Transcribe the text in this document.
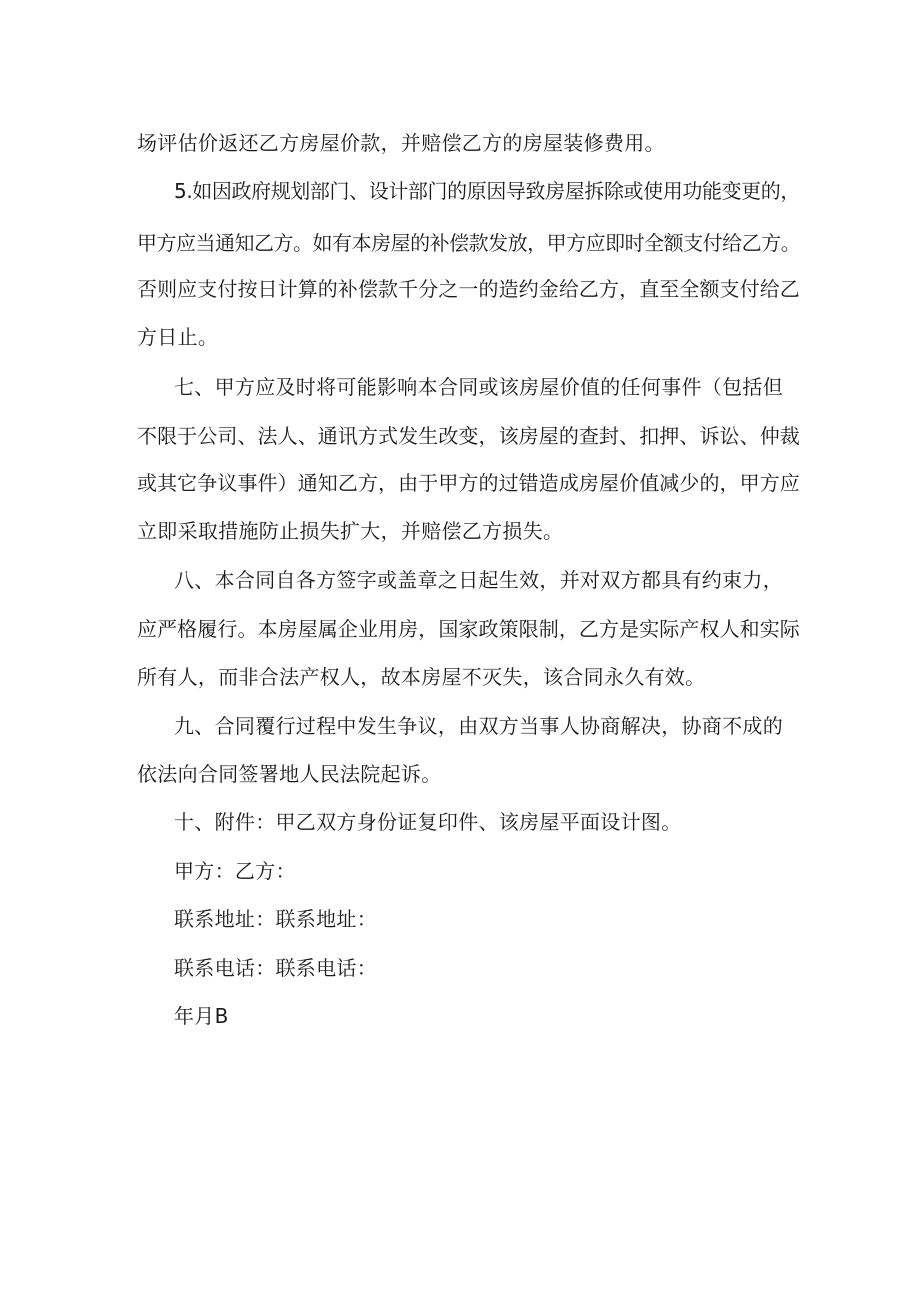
场评估价返还乙方房屋价款，并赔偿乙方的房屋装修费用。
5.如因政府规划部门、设计部门的原因导致房屋拆除或使用功能变更的，
甲方应当通知乙方。如有本房屋的补偿款发放，甲方应即时全额支付给乙方。
否则应支付按日计算的补偿款千分之一的造约金给乙方，直至全额支付给乙
方日止。
七、甲方应及时将可能影响本合同或该房屋价值的任何事件（包括但
不限于公司、法人、通讯方式发生改变，该房屋的查封、扣押、诉讼、仲裁
或其它争议事件）通知乙方，由于甲方的过错造成房屋价值减少的，甲方应
立即采取措施防止损失扩大，并赔偿乙方损失。
八、本合同自各方签字或盖章之日起生效，并对双方都具有约束力，
应严格履行。本房屋属企业用房，国家政策限制，乙方是实际产权人和实际
所有人，而非合法产权人，故本房屋不灭失，该合同永久有效。
九、合同覆行过程中发生争议，由双方当事人协商解决，协商不成的
依法向合同签署地人民法院起诉。
十、附件：甲乙双方身份证复印件、该房屋平面设计图。
甲方：乙方：
联系地址：联系地址：
联系电话：联系电话：
年月B
